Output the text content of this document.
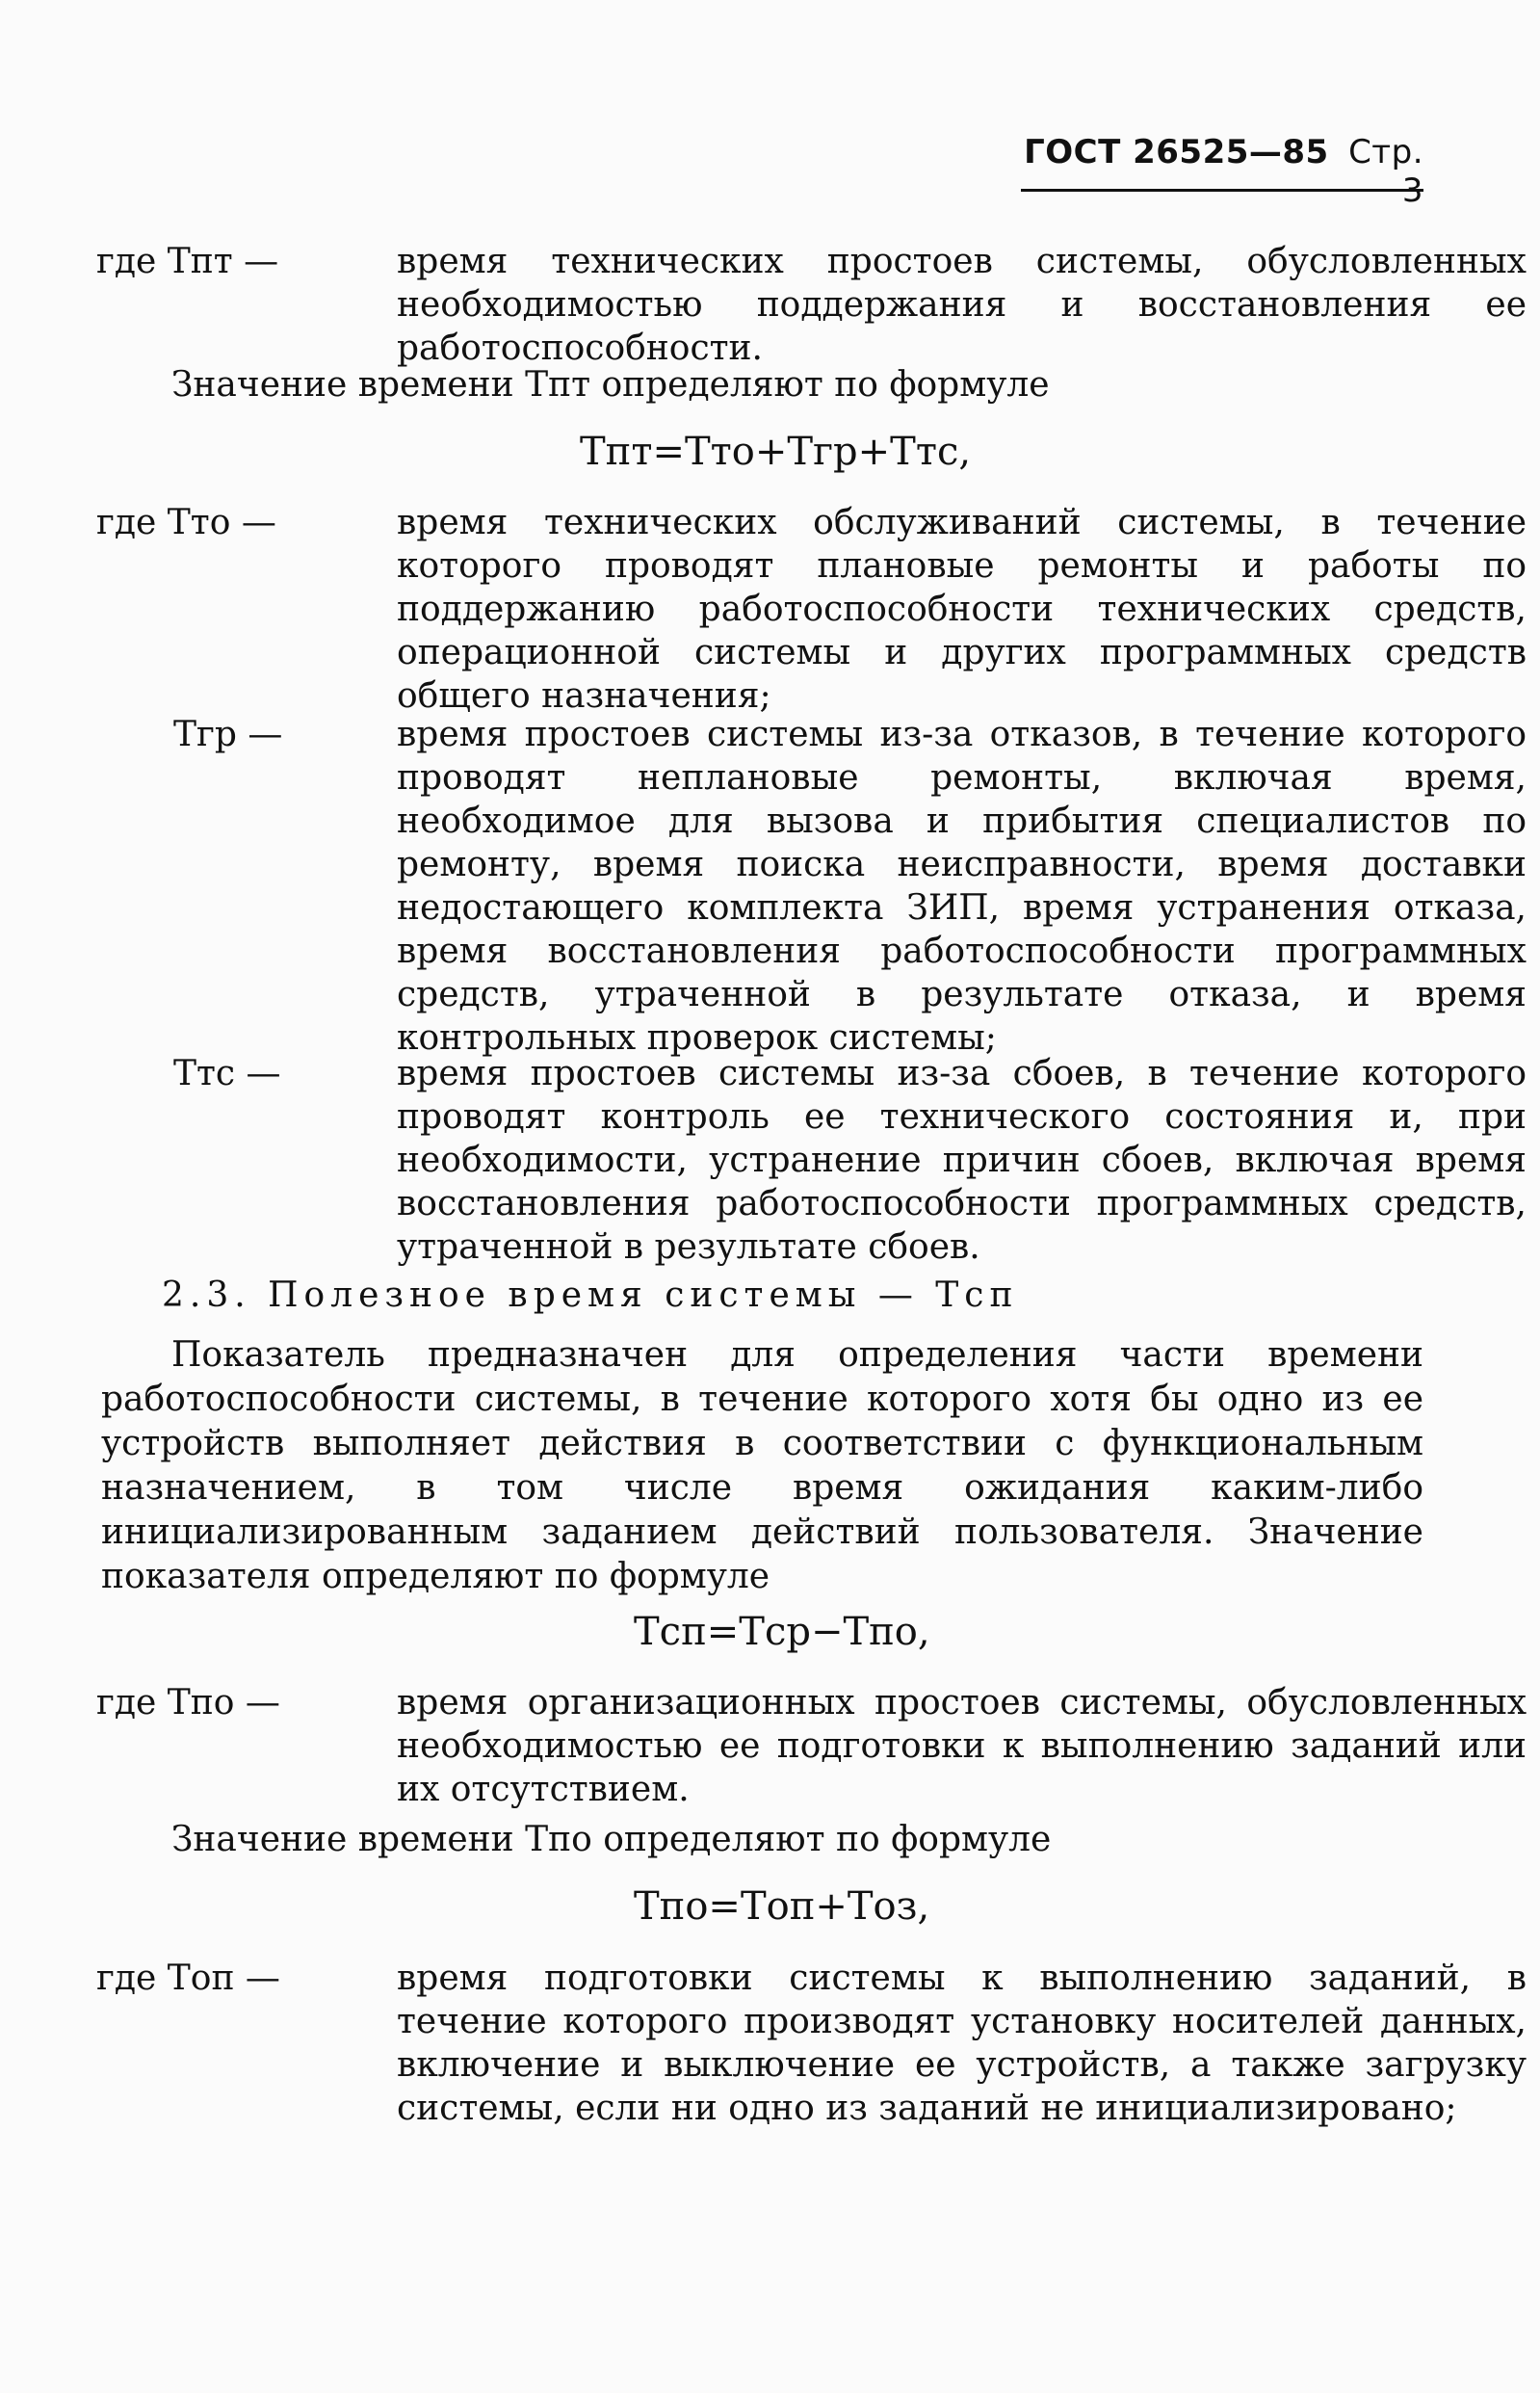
ГОСТ 26525—85 Стр. 3
где Тпт —	время технических простоев системы, обусловленных необходимостью поддержания и восстановления ее работоспособности.
Значение времени Тпт определяют по формуле
Тпт=Тто+Тгр+Ттс,
где Тто —	время технических обслуживаний системы, в течение которого проводят плановые ремонты и работы по поддержанию работоспособности технических средств, операционной системы и других программных средств общего назначения;
Тгр —	время простоев системы из-за отказов, в течение которого проводят неплановые ремонты, включая время, необходимое для вызова и прибытия специалистов по ремонту, время поиска неисправности, время доставки недостающего комплекта ЗИП, время устранения отказа, время восстановления работоспособности программных средств, утраченной в результате отказа, и время контрольных проверок системы;
Ттс —	время простоев системы из-за сбоев, в течение которого проводят контроль ее технического состояния и, при необходимости, устранение причин сбоев, включая время восстановления работоспособности программных средств, утраченной в результате сбоев.
2.3. Полезное время системы — Тсп
Показатель предназначен для определения части времени работоспособности системы, в течение которого хотя бы одно из ее устройств выполняет действия в соответствии с функциональным назначением, в том числе время ожидания каким-либо инициализированным заданием действий пользователя. Значение показателя определяют по формуле
Тсп=Тср−Тпо,
где Тпо —	время организационных простоев системы, обусловленных необходимостью ее подготовки к выполнению заданий или их отсутствием.
Значение времени Тпо определяют по формуле
Тпо=Топ+Тоз,
где Топ —	время подготовки системы к выполнению заданий, в течение которого производят установку носителей данных, включение и выключение ее устройств, а также загрузку системы, если ни одно из заданий не инициализировано;
